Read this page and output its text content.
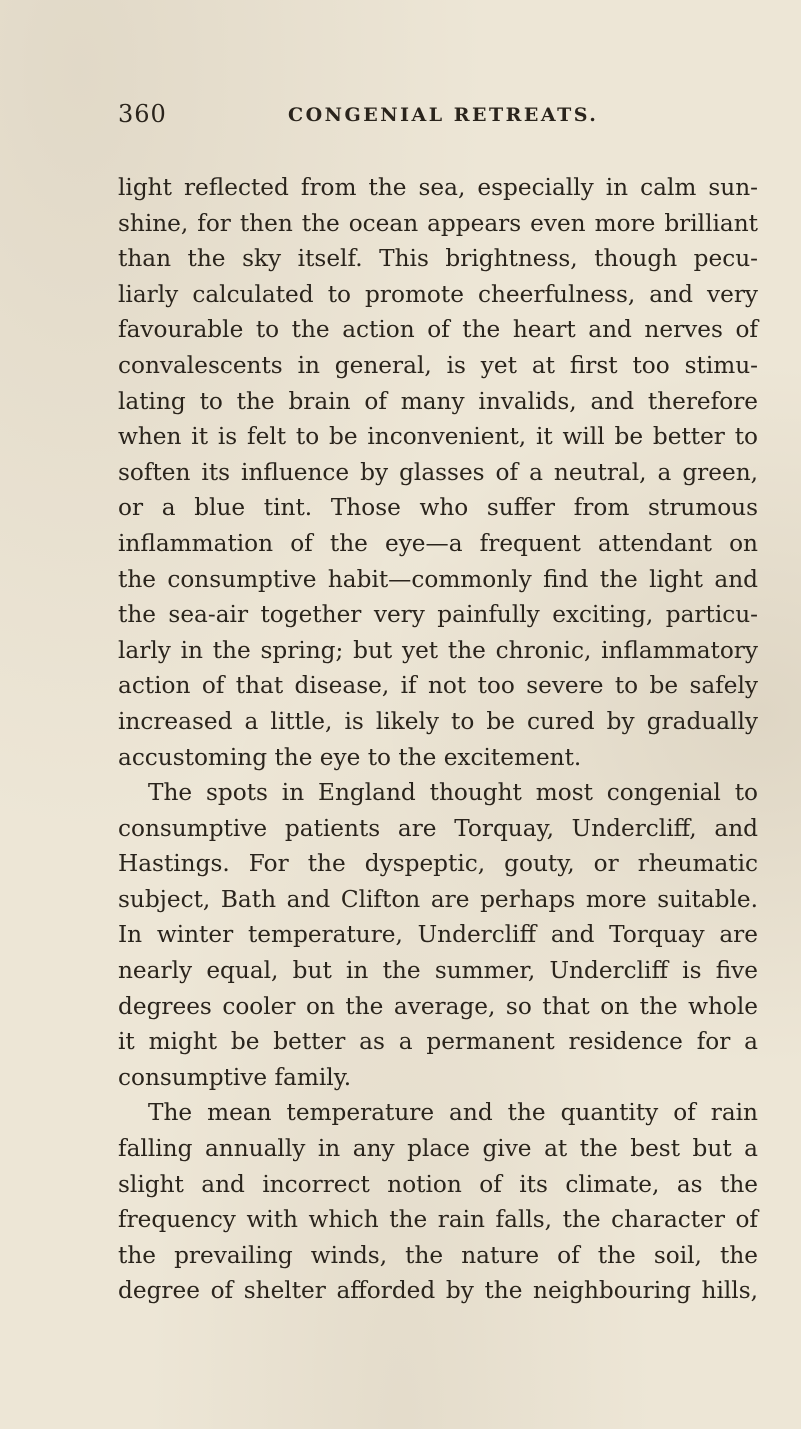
360	CONGENIAL RETREATS.
light reflected from the sea, especially in calm sun-
shine, for then the ocean appears even more brilliant
than the sky itself. This brightness, though pecu-
liarly calculated to promote cheerfulness, and very
favourable to the action of the heart and nerves of
convalescents in general, is yet at first too stimu-
lating to the brain of many invalids, and therefore
when it is felt to be inconvenient, it will be better to
soften its influence by glasses of a neutral, a green,
or a blue tint. Those who suffer from strumous
inflammation of the eye—a frequent attendant on
the consumptive habit—commonly find the light and
the sea-air together very painfully exciting, particu-
larly in the spring; but yet the chronic, inflammatory
action of that disease, if not too severe to be safely
increased a little, is likely to be cured by gradually
accustoming the eye to the excitement.
The spots in England thought most congenial to
consumptive patients are Torquay, Undercliff, and
Hastings. For the dyspeptic, gouty, or rheumatic
subject, Bath and Clifton are perhaps more suitable.
In winter temperature, Undercliff and Torquay are
nearly equal, but in the summer, Undercliff is five
degrees cooler on the average, so that on the whole
it might be better as a permanent residence for a
consumptive family.
The mean temperature and the quantity of rain
falling annually in any place give at the best but a
slight and incorrect notion of its climate, as the
frequency with which the rain falls, the character of
the prevailing winds, the nature of the soil, the
degree of shelter afforded by the neighbouring hills,
